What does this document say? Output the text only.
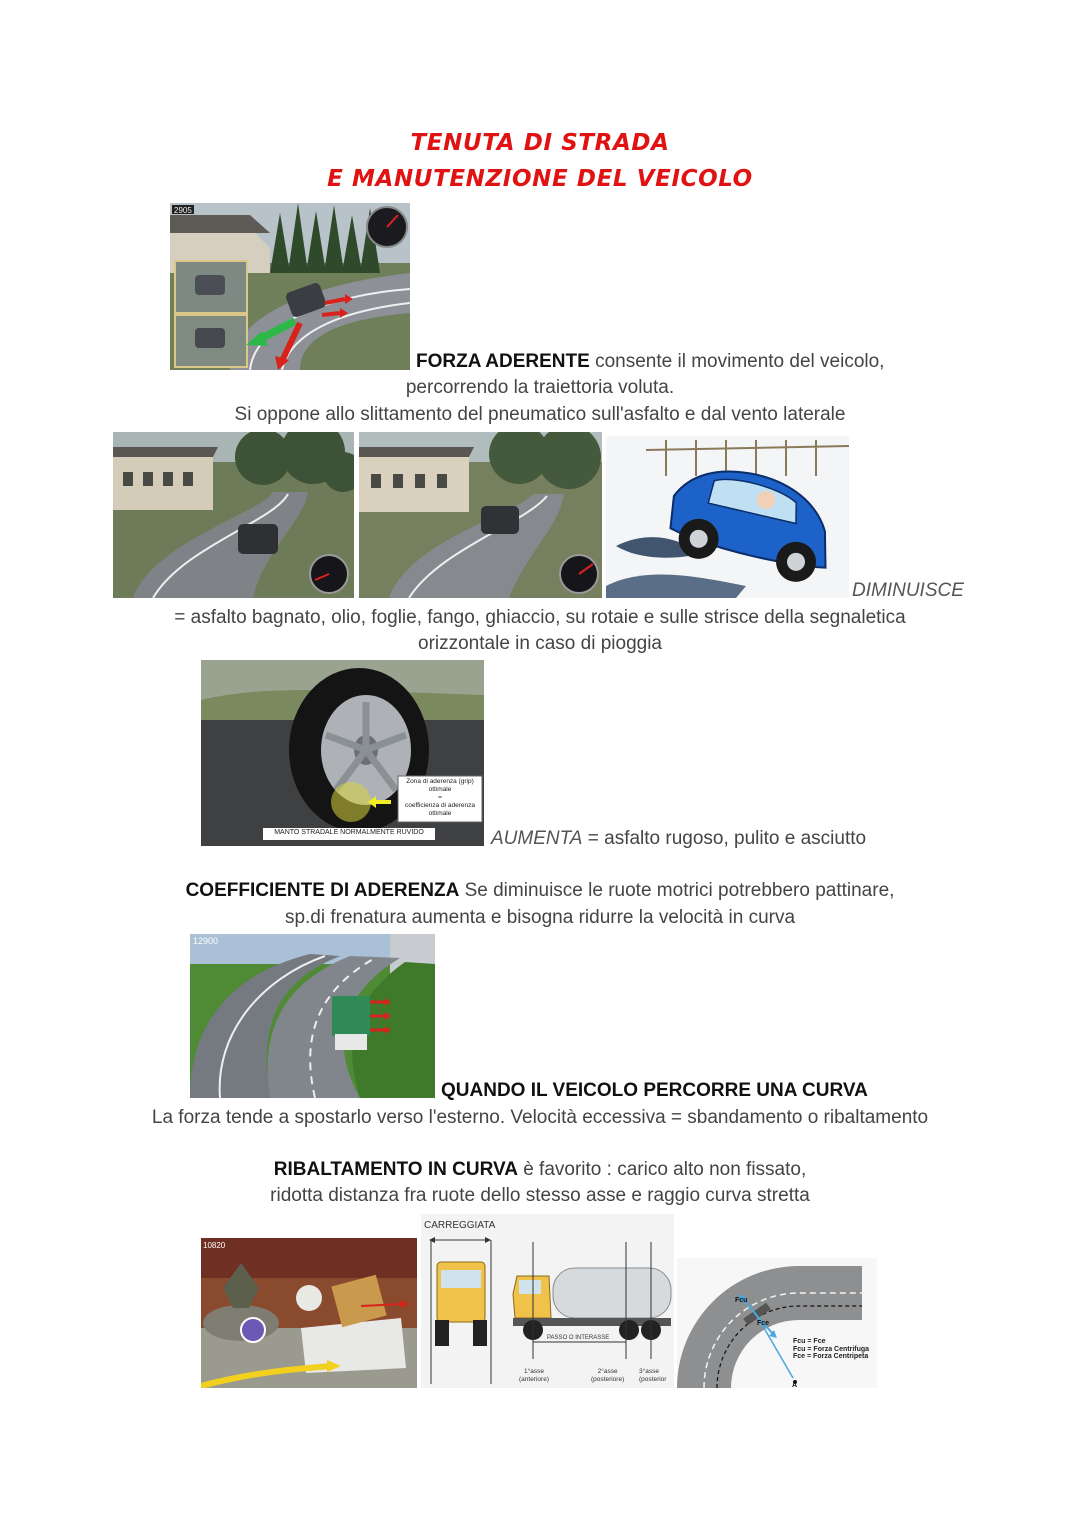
TENUTA DI STRADA
E MANUTENZIONE DEL VEICOLO
2905
FORZA ADERENTE consente il movimento del veicolo,
percorrendo la traiettoria voluta.
Si oppone allo slittamento del pneumatico sull'asfalto e dal vento laterale
DIMINUISCE
= asfalto bagnato, olio, foglie, fango, ghiaccio, su rotaie e sulle strisce della segnaletica
orizzontale in caso di pioggia
Zona di aderenza (grip)
ottimale
=
coefficienza di aderenza
ottimale
MANTO STRADALE NORMALMENTE RUVIDO	AUMENTA = asfalto rugoso, pulito e asciutto
COEFFICIENTE DI ADERENZA Se diminuisce le ruote motrici potrebbero pattinare,
sp.di frenatura aumenta e bisogna ridurre la velocità in curva
12900
QUANDO IL VEICOLO PERCORRE UNA CURVA
La forza tende a spostarlo verso l'esterno. Velocità eccessiva = sbandamento o ribaltamento
RIBALTAMENTO IN CURVA è favorito : carico alto non fissato,
ridotta distanza fra ruote dello stesso asse e raggio curva stretta
10820
CARREGGIATA
PASSO O INTERASSE
1°asse
(anteriore)
2°asse
(posteriore)
3°asse
(posterior
Fcu
Fce
Fcu = Fce
Fcu = Forza Centrifuga
Fce = Forza Centripeta
A
